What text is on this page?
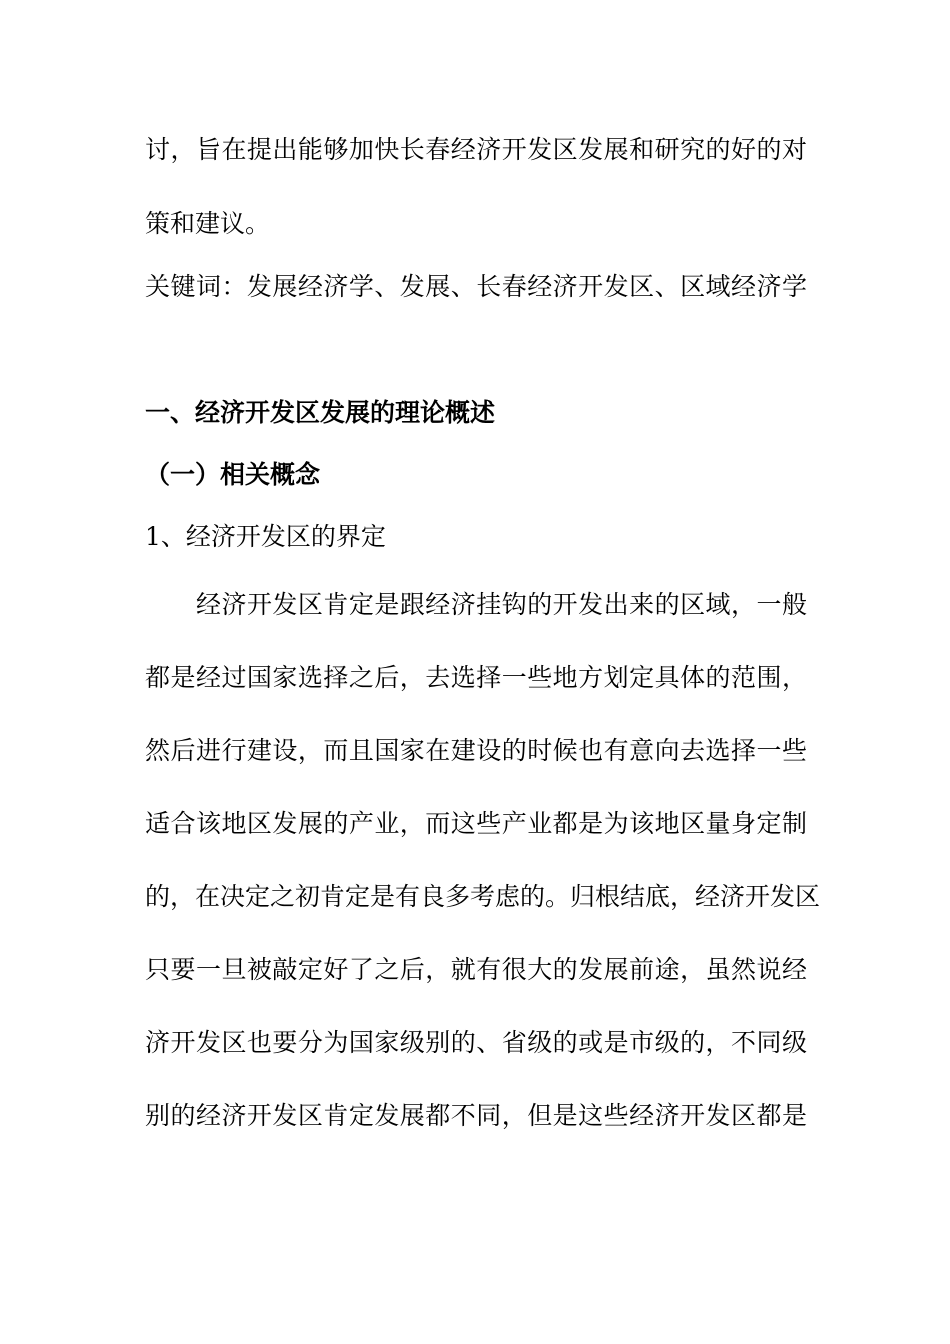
讨，旨在提出能够加快长春经济开发区发展和研究的好的对
策和建议。
关键词：发展经济学、发展、长春经济开发区、区域经济学
一、经济开发区发展的理论概述
（一）相关概念
1、经济开发区的界定
经济开发区肯定是跟经济挂钩的开发出来的区域，一般
都是经过国家选择之后，去选择一些地方划定具体的范围，
然后进行建设，而且国家在建设的时候也有意向去选择一些
适合该地区发展的产业，而这些产业都是为该地区量身定制
的，在决定之初肯定是有良多考虑的。归根结底，经济开发区
只要一旦被敲定好了之后，就有很大的发展前途，虽然说经
济开发区也要分为国家级别的、省级的或是市级的，不同级
别的经济开发区肯定发展都不同，但是这些经济开发区都是
